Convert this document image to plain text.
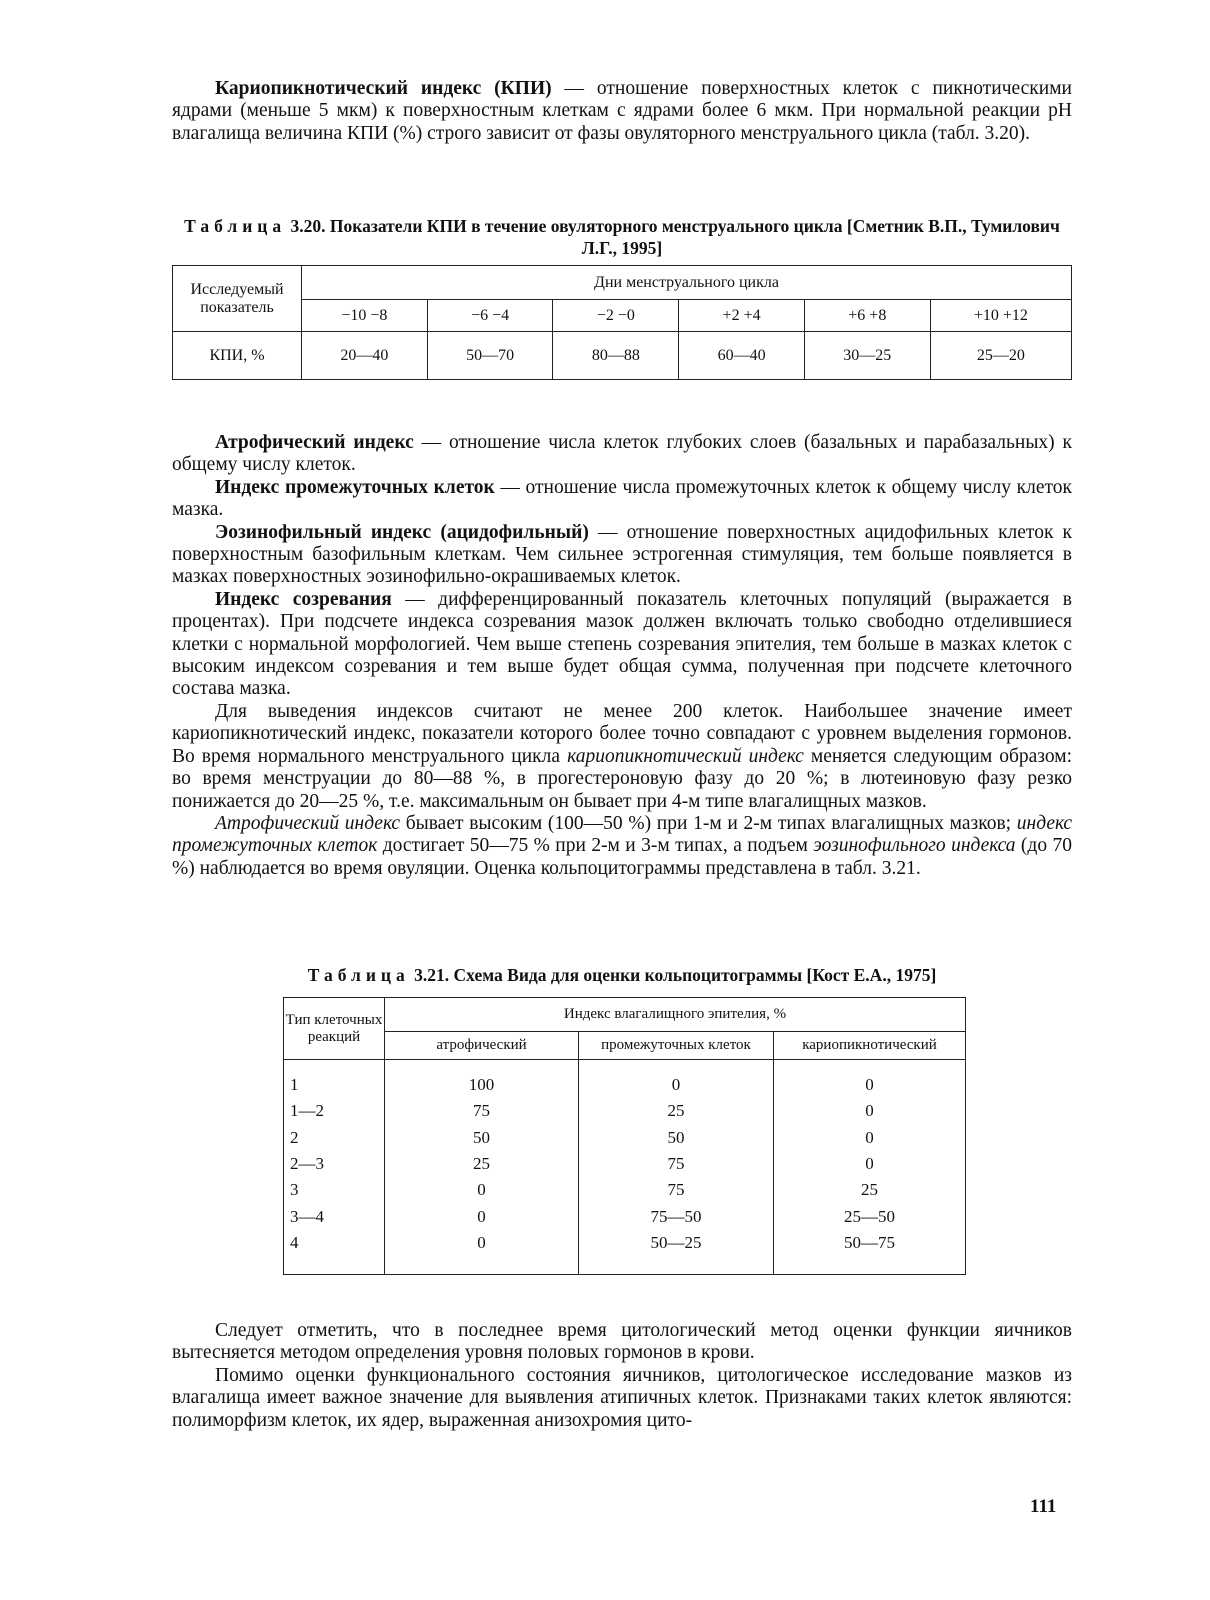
Кариопикнотический индекс (КПИ) — отношение поверхностных клеток с пикнотическими ядрами (меньше 5 мкм) к поверхностным клеткам с ядрами более 6 мкм. При нормальной реакции pH влагалища величина КПИ (%) строго зависит от фазы овуляторного менструального цикла (табл. 3.20).

Таблица 3.20. Показатели КПИ в течение овуляторного менструального цикла [Сметник В.П., Тумилович Л.Г., 1995]
Исследуемый показатель	Дни менструального цикла					
	−10 −8	−6 −4	−2 −0	+2 +4	+6 +8	+10 +12
КПИ, %	20—40	50—70	80—88	60—40	30—25	25—20

Атрофический индекс — отношение числа клеток глубоких слоев (базальных и парабазальных) к общему числу клеток.

Индекс промежуточных клеток — отношение числа промежуточных клеток к общему числу клеток мазка.

Эозинофильный индекс (ацидофильный) — отношение поверхностных ацидофильных клеток к поверхностным базофильным клеткам. Чем сильнее эстрогенная стимуляция, тем больше появляется в мазках поверхностных эозинофильно-окрашиваемых клеток.

Индекс созревания — дифференцированный показатель клеточных популяций (выражается в процентах). При подсчете индекса созревания мазок должен включать только свободно отделившиеся клетки с нормальной морфологией. Чем выше степень созревания эпителия, тем больше в мазках клеток с высоким индексом созревания и тем выше будет общая сумма, полученная при подсчете клеточного состава мазка.

Для выведения индексов считают не менее 200 клеток. Наибольшее значение имеет кариопикнотический индекс, показатели которого более точно совпадают с уровнем выделения гормонов. Во время нормального менструального цикла кариопикнотический индекс меняется следующим образом: во время менструации до 80—88 %, в прогестероновую фазу до 20 %; в лютеиновую фазу резко понижается до 20—25 %, т.е. максимальным он бывает при 4-м типе влагалищных мазков.

Атрофический индекс бывает высоким (100—50 %) при 1-м и 2-м типах влагалищных мазков; индекс промежуточных клеток достигает 50—75 % при 2-м и 3-м типах, а подъем эозинофильного индекса (до 70 %) наблюдается во время овуляции. Оценка кольпоцитограммы представлена в табл. 3.21.

Таблица 3.21. Схема Вида для оценки кольпоцитограммы [Кост Е.А., 1975]
Тип клеточных реакций	Индекс влагалищного эпителия, %		
	атрофический	промежуточных клеток	кариопикнотический

1	100	0	0
1—2	75	25	0
2	50	50	0
2—3	25	75	0
3	0	75	25
3—4	0	75—50	25—50
4	0	50—25	50—75

Следует отметить, что в последнее время цитологический метод оценки функции яичников вытесняется методом определения уровня половых гормонов в крови.

Помимо оценки функционального состояния яичников, цитологическое исследование мазков из влагалища имеет важное значение для выявления атипичных клеток. Признаками таких клеток являются: полиморфизм клеток, их ядер, выраженная анизохромия цито-

111
